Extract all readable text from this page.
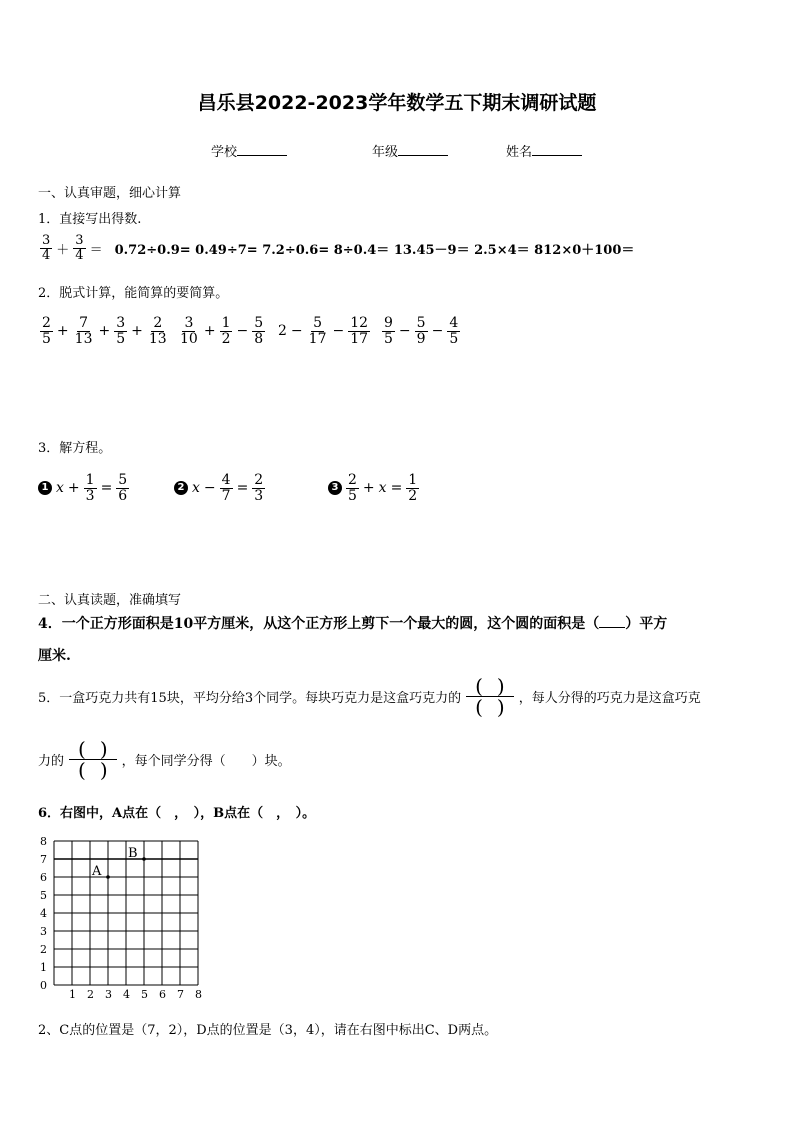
昌乐县2022-2023学年数学五下期末调研试题
学校	年级	姓名
一、认真审题，细心计算
1．直接写出得数.
$\frac{3}{4} + \frac{3}{4} = 0.72\div 0.9= 0.49\div 7= 7.2\div 0.6= 8\div 0.4= 13.45-9= 2.5\times 4= 812\times 0+100=$
2．脱式计算，能简算的要简算。
$\frac{2}{5} + \frac{7}{13} + \frac{3}{5} + \frac{2}{13} \frac{3}{10} + \frac{1}{2} - \frac{5}{8} 2 - \frac{5}{17} - \frac{12}{17} \frac{9}{5} - \frac{5}{9} - \frac{4}{5}$
3．解方程。
1 $x + \frac{1}{3} = \frac{5}{6}$	2 $x - \frac{4}{7} = \frac{2}{3}$	$3 \frac{2}{5} + x = \frac{1}{2}$
二、认真读题，准确填写
4．一个正方形面积是10平方厘米，从这个正方形上剪下一个最大的圆，这个圆的面积是（ ）平方
厘米.
5．一盒巧克力共有15块，平均分给3个同学。每块巧克力是这盒巧克力的 $\frac{()}{()}$ ，每人分得的巧克力是这盒巧克
力的 $\frac{()}{()}$ ，每个同学分得（　　）块。
6．右图中，A点在（　，　），B点在（　，　）。
8
7
6
5
4
3
2
1
0
1 2 3 4 5 6 7 8
A
B
2、C点的位置是（7，2），D点的位置是（3，4），请在右图中标出C、D两点。
